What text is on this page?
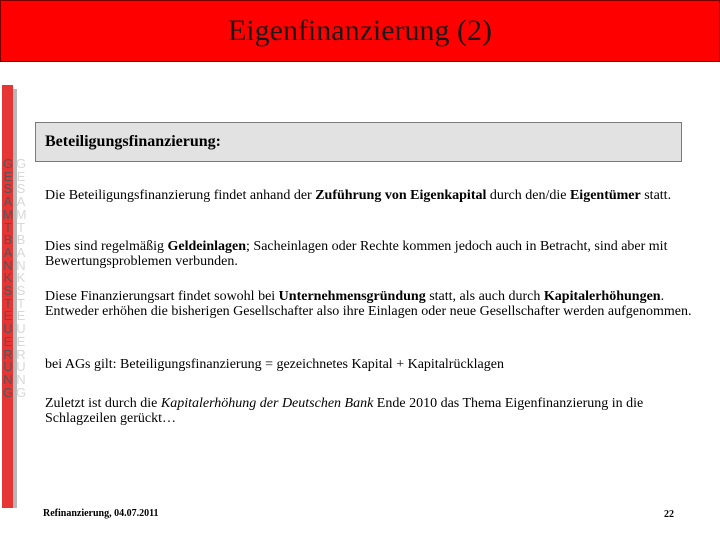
Eigenfinanzierung (2)
GESAMTBANKSTEUERUNG
GESAMTBANKSTEUERUNG
Beteiligungsfinanzierung:

Die Beteiligungsfinanzierung findet anhand der Zuführung von Eigenkapital durch den/die Eigentümer statt.

Dies sind regelmäßig Geldeinlagen; Sacheinlagen oder Rechte kommen jedoch auch in Betracht, sind aber mit Bewertungsproblemen verbunden.

Diese Finanzierungsart findet sowohl bei Unternehmensgründung statt, als auch durch Kapitalerhöhungen. Entweder erhöhen die bisherigen Gesellschafter also ihre Einlagen oder neue Gesellschafter werden aufgenommen.

bei AGs gilt: Beteiligungsfinanzierung = gezeichnetes Kapital + Kapitalrücklagen

Zuletzt ist durch die Kapitalerhöhung der Deutschen Bank Ende 2010 das Thema Eigenfinanzierung in die Schlagzeilen gerückt…

Refinanzierung, 04.07.2011	22
